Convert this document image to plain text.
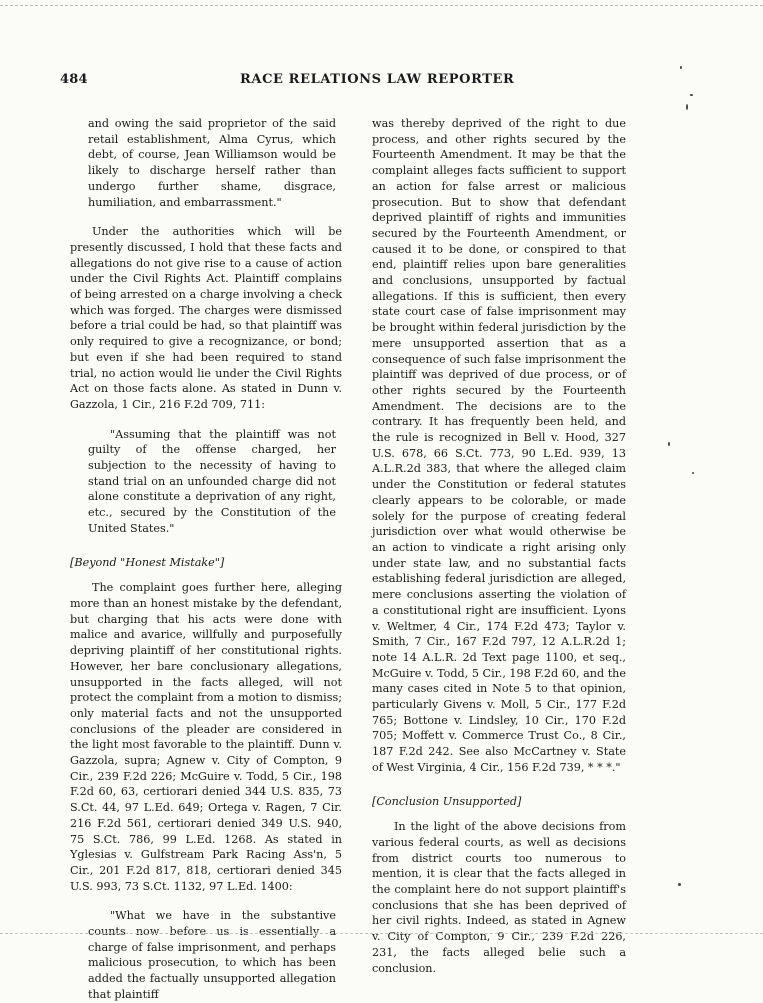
484	RACE RELATIONS LAW REPORTER

and owing the said proprietor of the said retail establishment, Alma Cyrus, which debt, of course, Jean Williamson would be likely to discharge herself rather than undergo further shame, disgrace, humiliation, and embarrassment."

Under the authorities which will be presently discussed, I hold that these facts and allegations do not give rise to a cause of action under the Civil Rights Act. Plaintiff complains of being arrested on a charge involving a check which was forged. The charges were dismissed before a trial could be had, so that plaintiff was only required to give a recognizance, or bond; but even if she had been required to stand trial, no action would lie under the Civil Rights Act on those facts alone. As stated in Dunn v. Gazzola, 1 Cir., 216 F.2d 709, 711:

"Assuming that the plaintiff was not guilty of the offense charged, her subjection to the necessity of having to stand trial on an unfounded charge did not alone constitute a deprivation of any right, etc., secured by the Constitution of the United States."

[Beyond "Honest Mistake"]

The complaint goes further here, alleging more than an honest mistake by the defendant, but charging that his acts were done with malice and avarice, willfully and purposefully depriving plaintiff of her constitutional rights. However, her bare conclusionary allegations, unsupported in the facts alleged, will not protect the complaint from a motion to dismiss; only material facts and not the unsupported conclusions of the pleader are considered in the light most favorable to the plaintiff. Dunn v. Gazzola, supra; Agnew v. City of Compton, 9 Cir., 239 F.2d 226; McGuire v. Todd, 5 Cir., 198 F.2d 60, 63, certiorari denied 344 U.S. 835, 73 S.Ct. 44, 97 L.Ed. 649; Ortega v. Ragen, 7 Cir. 216 F.2d 561, certiorari denied 349 U.S. 940, 75 S.Ct. 786, 99 L.Ed. 1268. As stated in Yglesias v. Gulfstream Park Racing Ass'n, 5 Cir., 201 F.2d 817, 818, certiorari denied 345 U.S. 993, 73 S.Ct. 1132, 97 L.Ed. 1400:

"What we have in the substantive counts now before us is essentially a charge of false imprisonment, and perhaps malicious prosecution, to which has been added the factually unsupported allegation that plaintiff

was thereby deprived of the right to due process, and other rights secured by the Fourteenth Amendment. It may be that the complaint alleges facts sufficient to support an action for false arrest or malicious prosecution. But to show that defendant deprived plaintiff of rights and immunities secured by the Fourteenth Amendment, or caused it to be done, or conspired to that end, plaintiff relies upon bare generalities and conclusions, unsupported by factual allegations. If this is sufficient, then every state court case of false imprisonment may be brought within federal jurisdiction by the mere unsupported assertion that as a consequence of such false imprisonment the plaintiff was deprived of due process, or of other rights secured by the Fourteenth Amendment. The decisions are to the contrary. It has frequently been held, and the rule is recognized in Bell v. Hood, 327 U.S. 678, 66 S.Ct. 773, 90 L.Ed. 939, 13 A.L.R.2d 383, that where the alleged claim under the Constitution or federal statutes clearly appears to be colorable, or made solely for the purpose of creating federal jurisdiction over what would otherwise be an action to vindicate a right arising only under state law, and no substantial facts establishing federal jurisdiction are alleged, mere conclusions asserting the violation of a constitutional right are insufficient. Lyons v. Weltmer, 4 Cir., 174 F.2d 473; Taylor v. Smith, 7 Cir., 167 F.2d 797, 12 A.L.R.2d 1; note 14 A.L.R. 2d Text page 1100, et seq., McGuire v. Todd, 5 Cir., 198 F.2d 60, and the many cases cited in Note 5 to that opinion, particularly Givens v. Moll, 5 Cir., 177 F.2d 765; Bottone v. Lindsley, 10 Cir., 170 F.2d 705; Moffett v. Commerce Trust Co., 8 Cir., 187 F.2d 242. See also McCartney v. State of West Virginia, 4 Cir., 156 F.2d 739, * * *."

[Conclusion Unsupported]

In the light of the above decisions from various federal courts, as well as decisions from district courts too numerous to mention, it is clear that the facts alleged in the complaint here do not support plaintiff's conclusions that she has been deprived of her civil rights. Indeed, as stated in Agnew v. City of Compton, 9 Cir., 239 F.2d 226, 231, the facts alleged belie such a conclusion.
